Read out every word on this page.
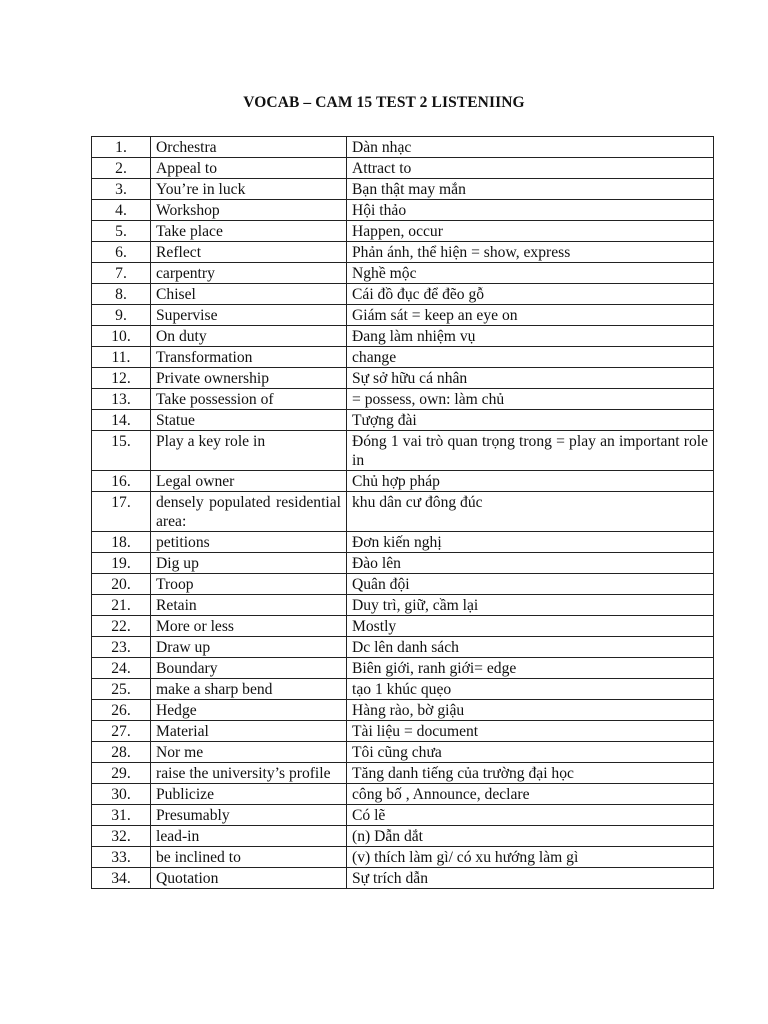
VOCAB – CAM 15 TEST 2 LISTENIING
1.	Orchestra	Dàn nhạc
2.	Appeal to	Attract to
3.	You’re in luck	Bạn thật may mắn
4.	Workshop	Hội thảo
5.	Take place	Happen, occur
6.	Reflect	Phản ánh, thể hiện = show, express
7.	carpentry	Nghề mộc
8.	Chisel	Cái đồ đục để đẽo gỗ
9.	Supervise	Giám sát = keep an eye on
10.	On duty	Đang làm nhiệm vụ
11.	Transformation	change
12.	Private ownership	Sự sở hữu cá nhân
13.	Take possession of	= possess, own: làm chủ
14.	Statue	Tượng đài
15.	Play a key role in	Đóng 1 vai trò quan trọng trong = play an important role in
16.	Legal owner	Chủ hợp pháp
17.	densely populated residential area:	khu dân cư đông đúc
18.	petitions	Đơn kiến nghị
19.	Dig up	Đào lên
20.	Troop	Quân đội
21.	Retain	Duy trì, giữ, cầm lại
22.	More or less	Mostly
23.	Draw up	Dc lên danh sách
24.	Boundary	Biên giới, ranh giới= edge
25.	make a sharp bend	tạo 1 khúc quẹo
26.	Hedge	Hàng rào, bờ giậu
27.	Material	Tài liệu = document
28.	Nor me	Tôi cũng chưa
29.	raise the university’s profile	Tăng danh tiếng của trường đại học
30.	Publicize	công bố , Announce, declare
31.	Presumably	Có lẽ
32.	lead-in	(n) Dẫn dắt
33.	be inclined to	(v) thích làm gì/ có xu hướng làm gì
34.	Quotation	Sự trích dẫn
